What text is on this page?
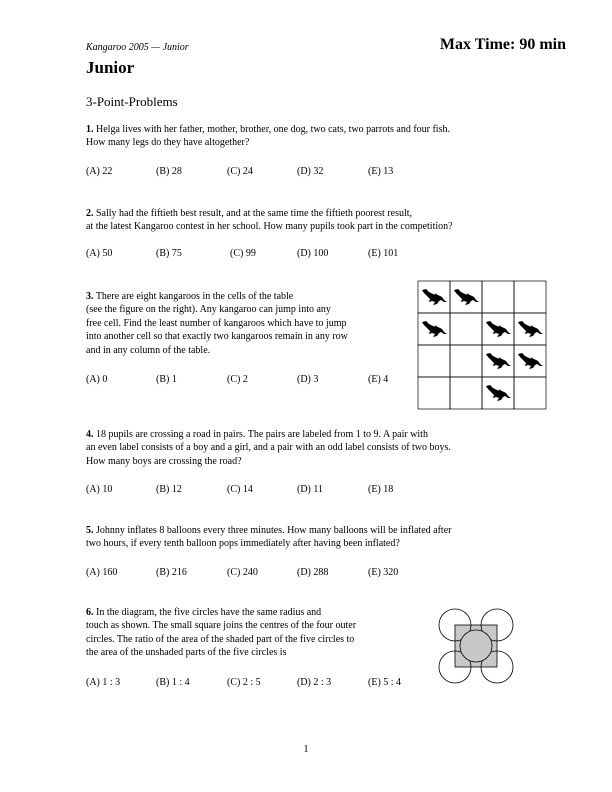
Kangaroo 2005 — Junior	Max Time: 90 min
Junior
3-Point-Problems
1. Helga lives with her father, mother, brother, one dog, two cats, two parrots and four fish.
How many legs do they have altogether?
(A) 22	(B) 28	(C) 24	(D) 32	(E) 13
2. Sally had the fiftieth best result, and at the same time the fiftieth poorest result,
at the latest Kangaroo contest in her school. How many pupils took part in the competition?
(A) 50	(B) 75	(C) 99	(D) 100	(E) 101
3. There are eight kangaroos in the cells of the table
(see the figure on the right). Any kangaroo can jump into any
free cell. Find the least number of kangaroos which have to jump
into another cell so that exactly two kangaroos remain in any row
and in any column of the table.
(A) 0	(B) 1	(C) 2	(D) 3	(E) 4
4. 18 pupils are crossing a road in pairs. The pairs are labeled from 1 to 9. A pair with
an even label consists of a boy and a girl, and a pair with an odd label consists of two boys.
How many boys are crossing the road?
(A) 10	(B) 12	(C) 14	(D) 11	(E) 18
5. Johnny inflates 8 balloons every three minutes. How many balloons will be inflated after
two hours, if every tenth balloon pops immediately after having been inflated?
(A) 160	(B) 216	(C) 240	(D) 288	(E) 320
6. In the diagram, the five circles have the same radius and
touch as shown. The small square joins the centres of the four outer
circles. The ratio of the area of the shaded part of the five circles to
the area of the unshaded parts of the five circles is
(A) 1 : 3	(B) 1 : 4	(C) 2 : 5	(D) 2 : 3	(E) 5 : 4
1
